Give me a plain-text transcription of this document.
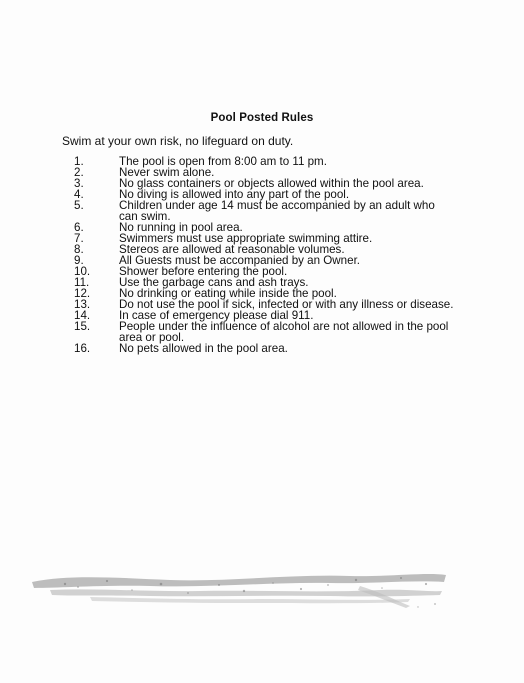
Pool Posted Rules
Swim at your own risk, no lifeguard on duty.
1.	The pool is open from 8:00 am to 11 pm.
2.	Never swim alone.
3.	No glass containers or objects allowed within the pool area.
4.	No diving is allowed into any part of the pool.
5.	Children under age 14 must be accompanied by an adult who can swim.
6.	No running in pool area.
7.	Swimmers must use appropriate swimming attire.
8.	Stereos are allowed at reasonable volumes.
9.	All Guests must be accompanied by an Owner.
10.	Shower before entering the pool.
11.	Use the garbage cans and ash trays.
12.	No drinking or eating while inside the pool.
13.	Do not use the pool if sick, infected or with any illness or disease.
14.	In case of emergency please dial 911.
15.	People under the influence of alcohol are not allowed in the pool area or pool.
16.	No pets allowed in the pool area.
